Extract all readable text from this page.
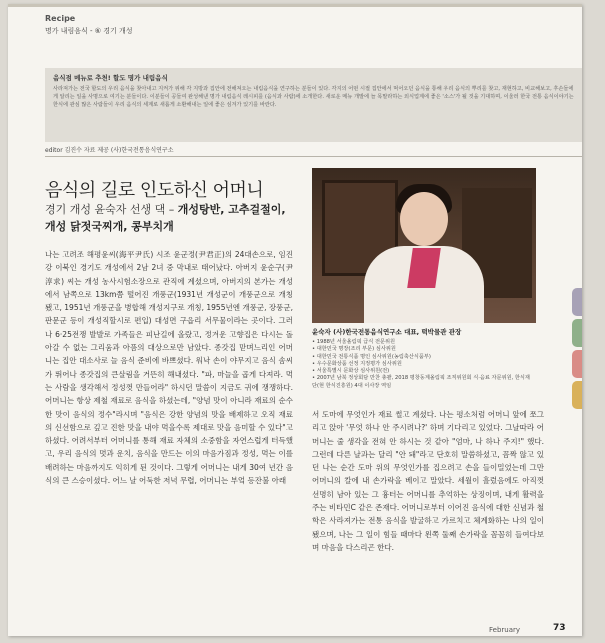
Recipe
명가 내림음식 - ⑥ 경기 개성
음식점 메뉴로 추천! 할도 명가 내림음식
사라져가는 전국 할도의 우리 음식을 찾아내고 지켜가 위해 각 지방과 집안에 전해져오는 내림음식을 연구하는 분들이 있다. 각지의 어떤 시절 집안에서 먹어오던 음식을 통해 우리 음식의 뿌리를 찾고, 재현하고, 비교해보고, 후손들에게 알리는 일을 사명으로 여기는 분들이다. 이분들이 공들여 완성해낸 명가 내림음식 레시피를 (음식과 사람)에 소개한다. 새로운 메뉴 개발에 늘 목말라하는 외식업계에 좋은 '소스'가 될 것을 기대하며, 이울러 한국 전통 음식이야기는 한식에 관심 많은 사람들이 우리 음식의 세계로 새롭게 소환해내는 일에 좋은 심겨가 있기를 바란다.
editor 김진수 자료 제공 (사)한국전통음식연구소
음식의 길로 인도하신 어머니
경기 개성 윤숙자 선생 댁 – 개성탕반, 고추걸절이,
개성 닭젓국찌개, 콩부치개
윤숙자 (사)한국전통음식연구소 대표, 떡박물관 관장
• 1988년 서울올림픽 급식 전문위원
• 대한민국 명장(조리 부문) 심사위원
• 대한민국 전통식품 명인 심사위원(농림축산식품부)
• 우수문화상품 선정 지정평가 심사위원
• 서울특별시 문화상 심사위원(전)
• 2007년 남북 정상회담 만찬 총괄, 2018 평창동계올림픽 조직위원회 식·음료 자문위원, 한식재단(현 한식진흥원) 4대 이사장 역임

나는 고려조 해평윤씨(海平尹氏) 시조 윤군정(尹君正)의 24대손으로, 임진강 이북인 경기도 개성에서 2남 2녀 중 막내로 태어났다. 아버지 윤순구(尹淳求) 씨는 개성 농사시험소장으로 관직에 계셨으며, 아버지의 본가는 개성에서 남쪽으로 13km쯤 떨어진 개풍군(1931년 개성군이 개풍군으로 개칭됐고, 1951년 개풍군을 병합해 개성지구로 개칭, 1955년엔 개풍군, 장풍군, 판문군 등이 개성직할시로 편입) 대성면 구읍리 서무물이라는 곳이다. 그러나 6·25전쟁 발발로 가족들은 피난길에 올랐고, 정겨운 고향집은 다시는 돌아갈 수 없는 그리움과 아픔의 대상으로만 남았다. 종갓집 맏며느리인 어머니는 집안 대소사로 늘 음식 준비에 바쁘셨다. 워낙 손이 야무지고 음식 솜씨가 뛰어나 종갓집의 큰살림을 거뜬히 해내셨다. "파, 마늘을 곱게 다져라. 먹는 사람을 생각해서 정성껏 만들어라" 하시던 말씀이 지금도 귀에 쟁쟁하다. 어머니는 항상 제철 재료로 음식을 하셨는데, "양념 맛이 아니라 재료의 순수한 맛이 음식의 정수"라시며 "음식은 강한 양념의 맛을 배제하고 오직 재료의 신선함으로 깊고 진한 맛을 내야 먹을수록 제대로 맛을 음미할 수 있다"고 하셨다. 어려서부터 어머니를 통해 재료 자체의 소중함을 자연스럽게 터득했고, 우리 음식의 멋과 운치, 음식을 만드는 이의 마음가짐과 정성, 먹는 이를 배려하는 마음까지도 익히게 된 것이다. 그렇게 어머니는 내게 30여 년간 음식의 큰 스승이셨다. 어느 날 어둑한 저녁 무렵, 어머니는 부엌 등잔불 아래

서 도마에 무엇인가 재료 썰고 계셨다. 나는 평소처럼 어머니 앞에 쪼그리고 앉아 '무엇 하나 안 주시려나?' 하며 기다리고 있었다. 그날따라 어머니는 줄 생각을 전혀 안 하시는 것 같아 "엄마, 나 하나 주지!" 했다. 그런데 다른 날과는 달리 "안 돼"라고 단호히 말씀하셨고, 꼼짝 않고 있던 나는 순간 도마 위의 무엇인가를 집으려고 손을 들이밀었는데 그만 어머니의 칼에 내 손가락을 베이고 말았다. 세월이 흘렀음에도 아직껏 선명히 남아 있는 그 흉터는 어머니를 추억하는 상징이며, 내게 활력을 주는 비타민C 같은 존재다. 어머니로부터 이어진 음식에 대한 신념과 철학은 사라져가는 전통 음식을 발굴하고 가르치고 체계화하는 나의 일이 됐으며, 나는 그 일이 힘들 때마다 왼쪽 둘째 손가락을 꼼꼼히 들여다보며 마음을 다스리곤 한다.

February	73
